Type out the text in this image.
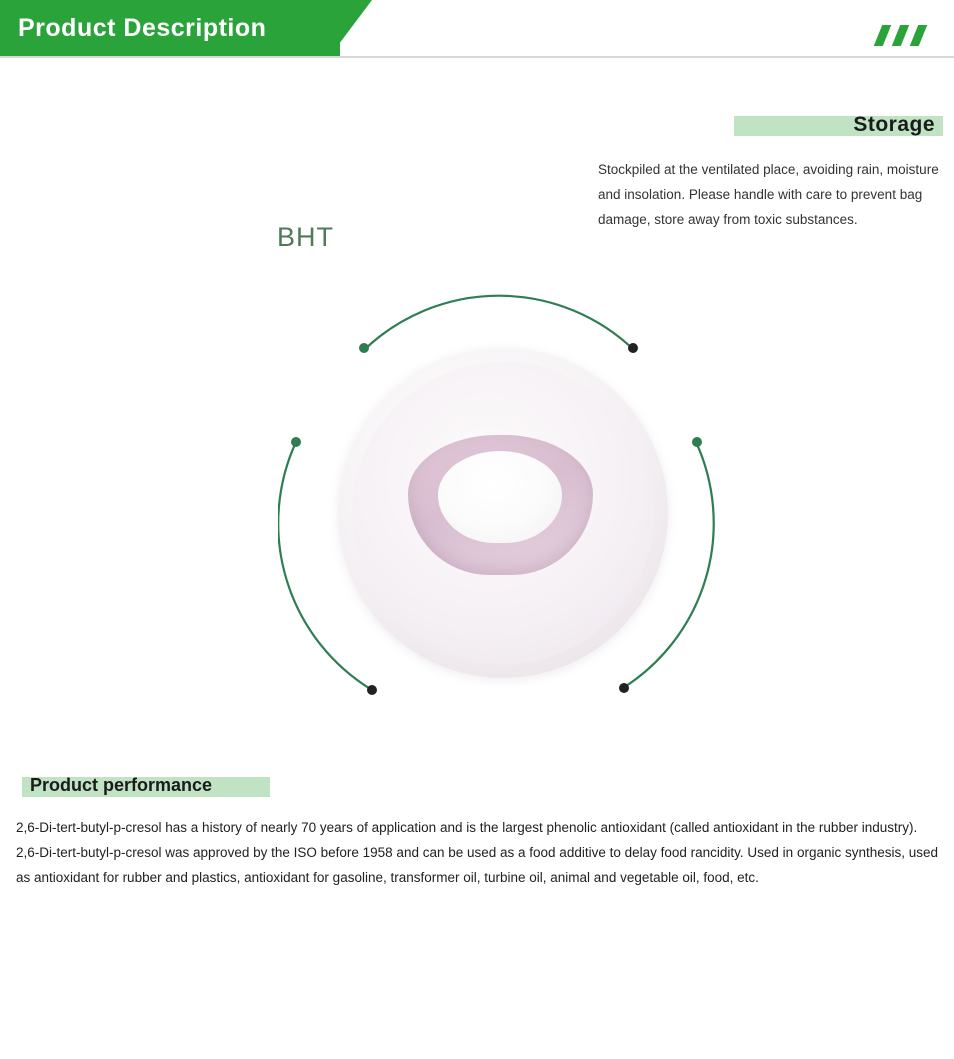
Product Description
Storage
Stockpiled at the ventilated place, avoiding rain, moisture and insolation. Please handle with care to prevent bag damage, store away from toxic substances.
BHT
Product performance
2,6-Di-tert-butyl-p-cresol has a history of nearly 70 years of application and is the largest phenolic antioxidant (called antioxidant in the rubber industry). 2,6-Di-tert-butyl-p-cresol was approved by the ISO before 1958 and can be used as a food additive to delay food rancidity. Used in organic synthesis, used as antioxidant for rubber and plastics, antioxidant for gasoline, transformer oil, turbine oil, animal and vegetable oil, food, etc.
